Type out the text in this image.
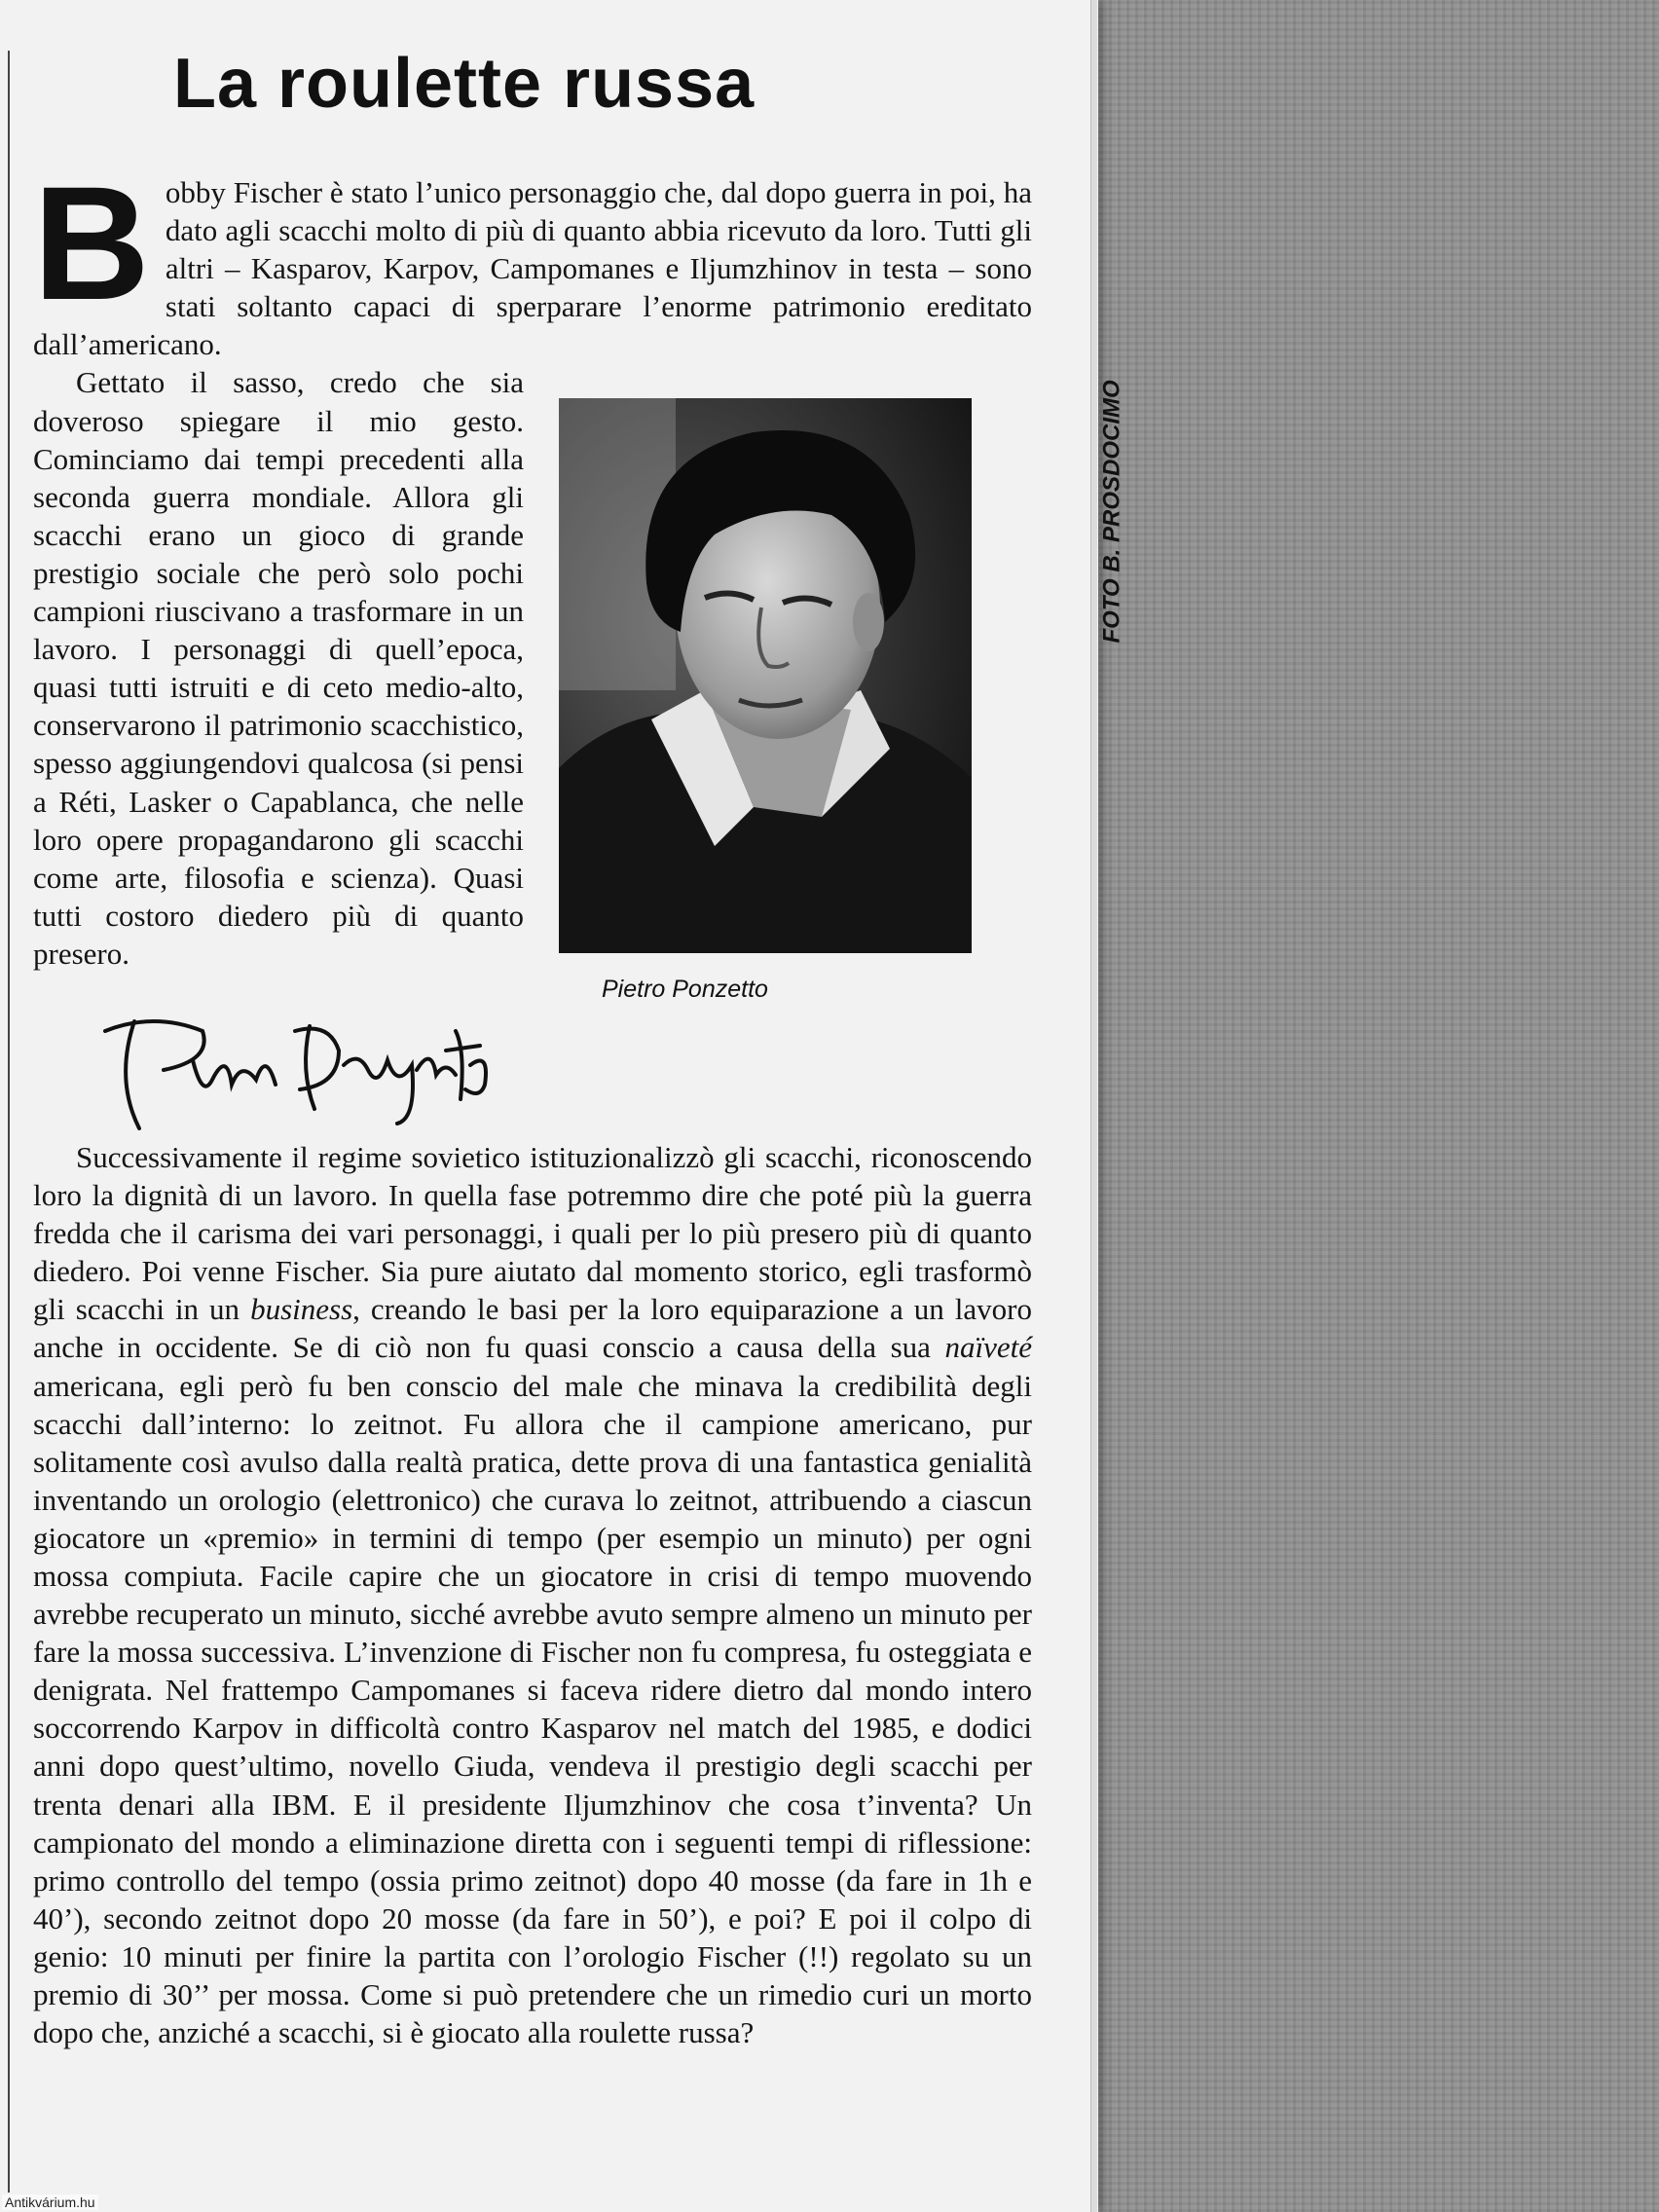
La roulette russa

Bobby Fischer è stato l’unico personaggio che, dal dopo guerra in poi, ha dato agli scacchi molto di più di quanto abbia ricevuto da loro. Tutti gli altri – Kasparov, Karpov, Campomanes e Iljumzhinov in testa – sono stati soltanto capaci di sperparare l’enorme patrimonio ereditato dall’americano.

FOTO B. PROSDOCIMO
Pietro Ponzetto
Gettato il sasso, credo che sia doveroso spiegare il mio gesto. Cominciamo dai tempi precedenti alla seconda guerra mondiale. Allora gli scacchi erano un gioco di grande prestigio sociale che però solo pochi campioni riuscivano a trasformare in un lavoro. I personaggi di quell’epoca, quasi tutti istruiti e di ceto medio-alto, conservarono il patrimonio scacchistico, spesso aggiungendovi qualcosa (si pensi a Réti, Lasker o Capablanca, che nelle loro opere propagandarono gli scacchi come arte, filosofia e scienza). Quasi tutti costoro diedero più di quanto presero.

Successivamente il regime sovietico istituzionalizzò gli scacchi, riconoscendo loro la dignità di un lavoro. In quella fase potremmo dire che poté più la guerra fredda che il carisma dei vari personaggi, i quali per lo più presero più di quanto diedero. Poi venne Fischer. Sia pure aiutato dal momento storico, egli trasformò gli scacchi in un business, creando le basi per la loro equiparazione a un lavoro anche in occidente. Se di ciò non fu quasi conscio a causa della sua naïveté americana, egli però fu ben conscio del male che minava la credibilità degli scacchi dall’interno: lo zeitnot. Fu allora che il campione americano, pur solitamente così avulso dalla realtà pratica, dette prova di una fantastica genialità inventando un orologio (elettronico) che curava lo zeitnot, attribuendo a ciascun giocatore un «premio» in termini di tempo (per esempio un minuto) per ogni mossa compiuta. Facile capire che un giocatore in crisi di tempo muovendo avrebbe recuperato un minuto, sicché avrebbe avuto sempre almeno un minuto per fare la mossa successiva. L’invenzione di Fischer non fu compresa, fu osteggiata e denigrata. Nel frattempo Campomanes si faceva ridere dietro dal mondo intero soccorrendo Karpov in difficoltà contro Kasparov nel match del 1985, e dodici anni dopo quest’ultimo, novello Giuda, vendeva il prestigio degli scacchi per trenta denari alla IBM. E il presidente Iljumzhinov che cosa t’inventa? Un campionato del mondo a eliminazione diretta con i seguenti tempi di riflessione: primo controllo del tempo (ossia primo zeitnot) dopo 40 mosse (da fare in 1h e 40’), secondo zeitnot dopo 20 mosse (da fare in 50’), e poi? E poi il colpo di genio: 10 minuti per finire la partita con l’orologio Fischer (!!) regolato su un premio di 30’’ per mossa. Come si può pretendere che un rimedio curi un morto dopo che, anziché a scacchi, si è giocato alla roulette russa?

Antikvárium.hu
